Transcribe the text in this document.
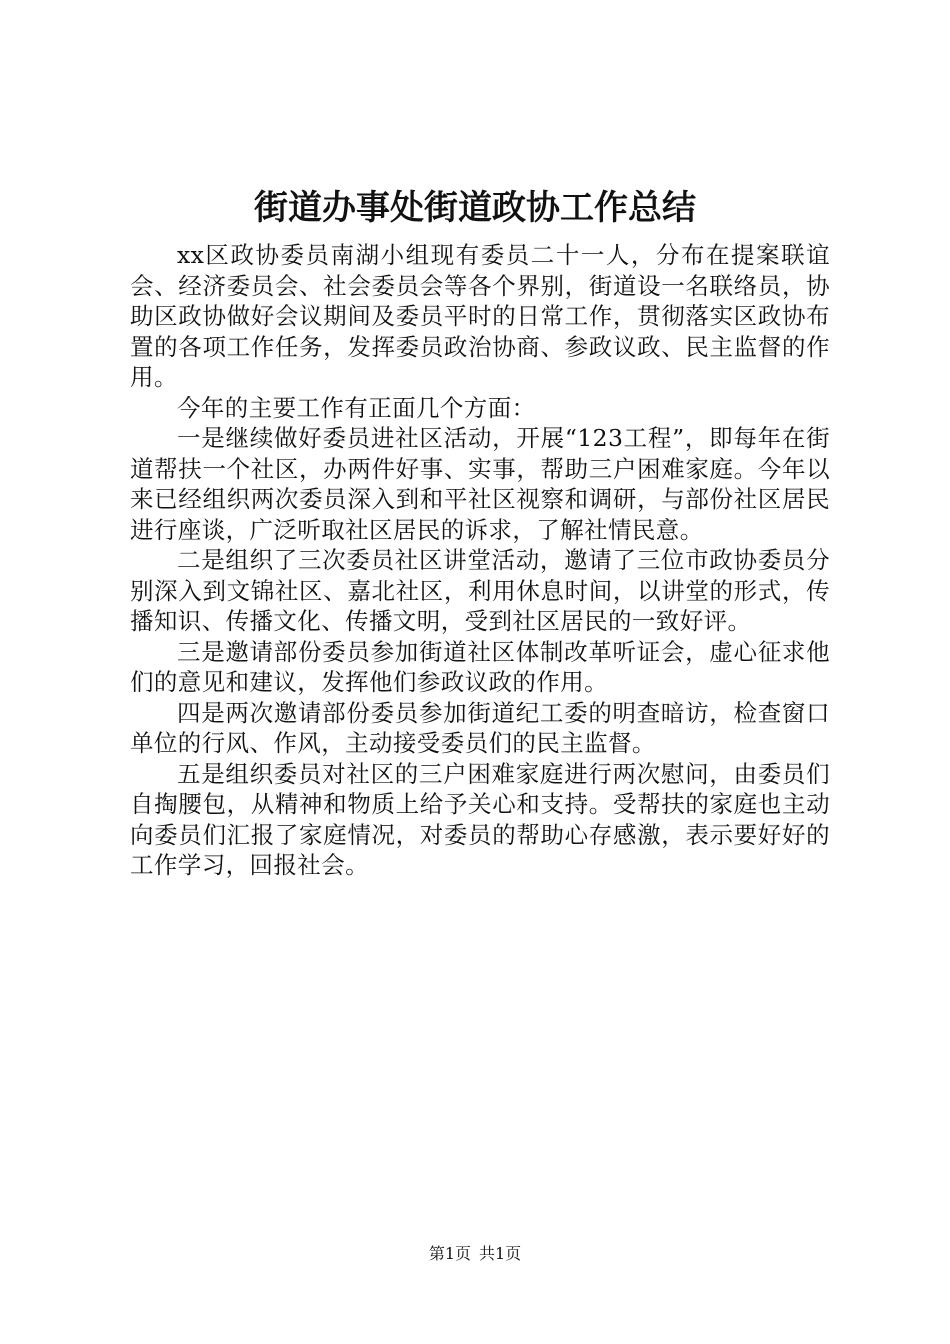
街道办事处街道政协工作总结

xx区政协委员南湖小组现有委员二十一人，分布在提案联谊会、经济委员会、社会委员会等各个界别，街道设一名联络员，协助区政协做好会议期间及委员平时的日常工作，贯彻落实区政协布置的各项工作任务，发挥委员政治协商、参政议政、民主监督的作用。

今年的主要工作有正面几个方面：

一是继续做好委员进社区活动，开展“123工程”，即每年在街道帮扶一个社区，办两件好事、实事，帮助三户困难家庭。今年以来已经组织两次委员深入到和平社区视察和调研，与部份社区居民进行座谈，广泛听取社区居民的诉求，了解社情民意。

二是组织了三次委员社区讲堂活动，邀请了三位市政协委员分别深入到文锦社区、嘉北社区，利用休息时间，以讲堂的形式，传播知识、传播文化、传播文明，受到社区居民的一致好评。

三是邀请部份委员参加街道社区体制改革听证会，虚心征求他们的意见和建议，发挥他们参政议政的作用。

四是两次邀请部份委员参加街道纪工委的明查暗访，检查窗口单位的行风、作风，主动接受委员们的民主监督。

五是组织委员对社区的三户困难家庭进行两次慰问，由委员们自掏腰包，从精神和物质上给予关心和支持。受帮扶的家庭也主动向委员们汇报了家庭情况，对委员的帮助心存感激，表示要好好的工作学习，回报社会。

第1页 共1页
